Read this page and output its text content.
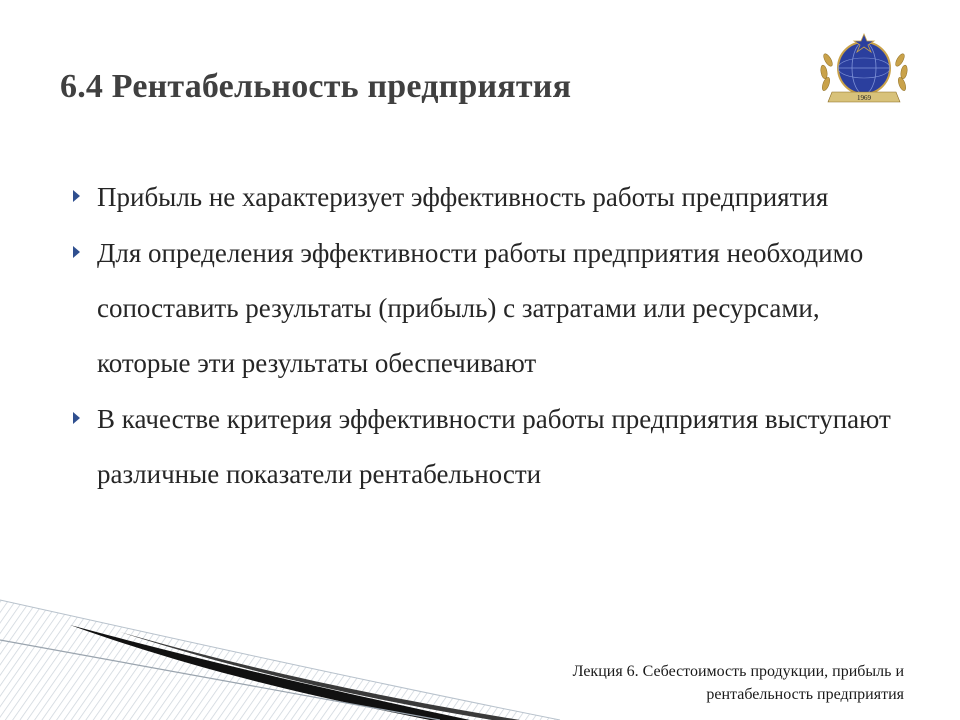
6.4 Рентабельность предприятия	1969
Прибыль не характеризует эффективность работы предприятия
Для определения эффективности работы предприятия необходимо сопоставить результаты (прибыль) с затратами или ресурсами, которые эти результаты обеспечивают
В качестве критерия эффективности работы предприятия выступают различные показатели рентабельности
Лекция 6. Себестоимость продукции, прибыль и
рентабельность предприятия
